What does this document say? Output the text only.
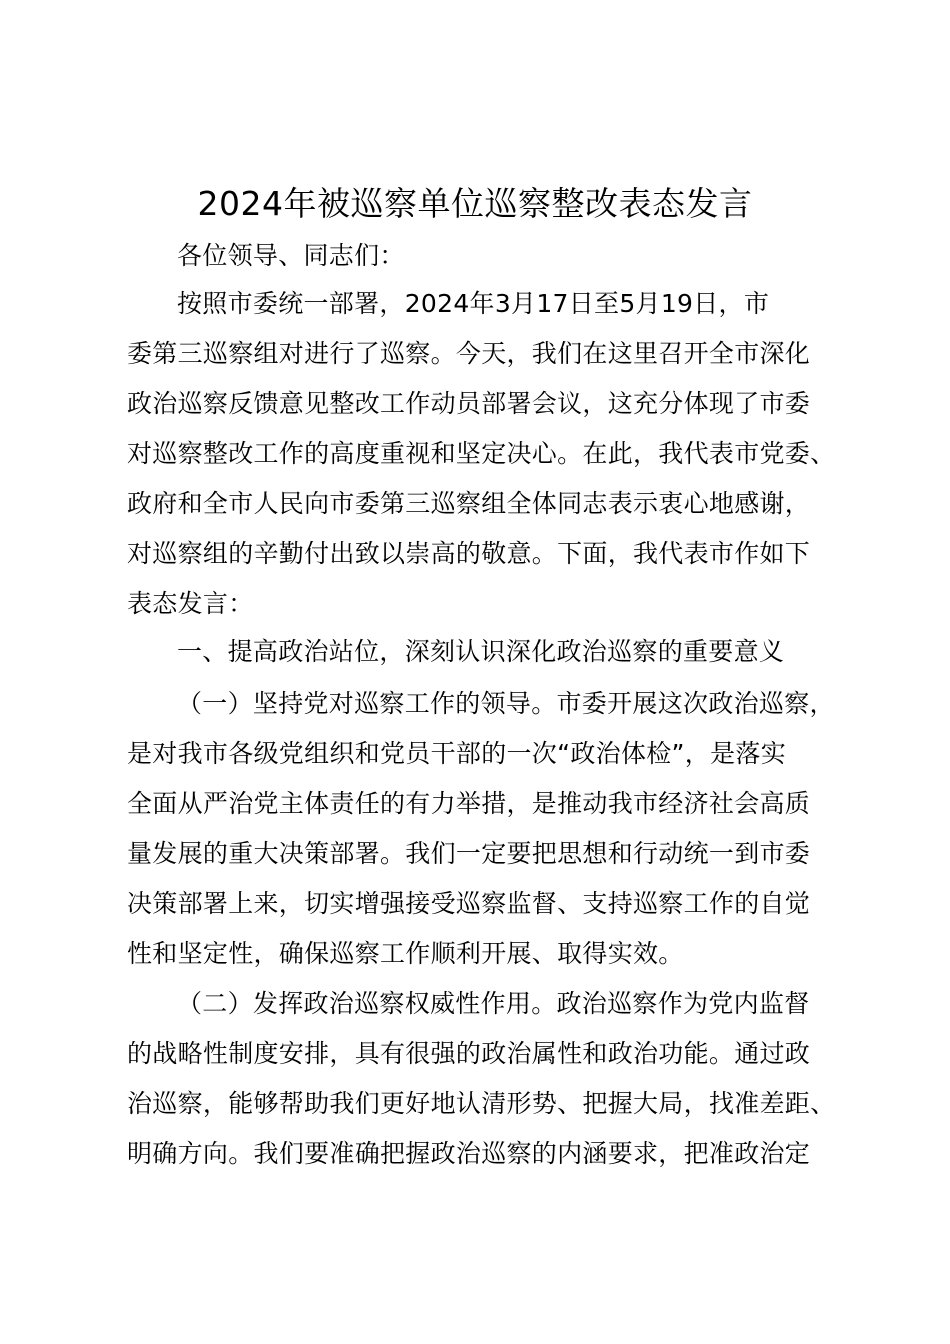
2024年被巡察单位巡察整改表态发言
各位领导、同志们：
按照市委统一部署，2024年3月17日至5月19日，市
委第三巡察组对进行了巡察。今天，我们在这里召开全市深化
政治巡察反馈意见整改工作动员部署会议，这充分体现了市委
对巡察整改工作的高度重视和坚定决心。在此，我代表市党委、
政府和全市人民向市委第三巡察组全体同志表示衷心地感谢，
对巡察组的辛勤付出致以崇高的敬意。下面，我代表市作如下
表态发言：
一、提高政治站位，深刻认识深化政治巡察的重要意义
（一）坚持党对巡察工作的领导。市委开展这次政治巡察，
是对我市各级党组织和党员干部的一次“政治体检”，是落实
全面从严治党主体责任的有力举措，是推动我市经济社会高质
量发展的重大决策部署。我们一定要把思想和行动统一到市委
决策部署上来，切实增强接受巡察监督、支持巡察工作的自觉
性和坚定性，确保巡察工作顺利开展、取得实效。
（二）发挥政治巡察权威性作用。政治巡察作为党内监督
的战略性制度安排，具有很强的政治属性和政治功能。通过政
治巡察，能够帮助我们更好地认清形势、把握大局，找准差距、
明确方向。我们要准确把握政治巡察的内涵要求，把准政治定
